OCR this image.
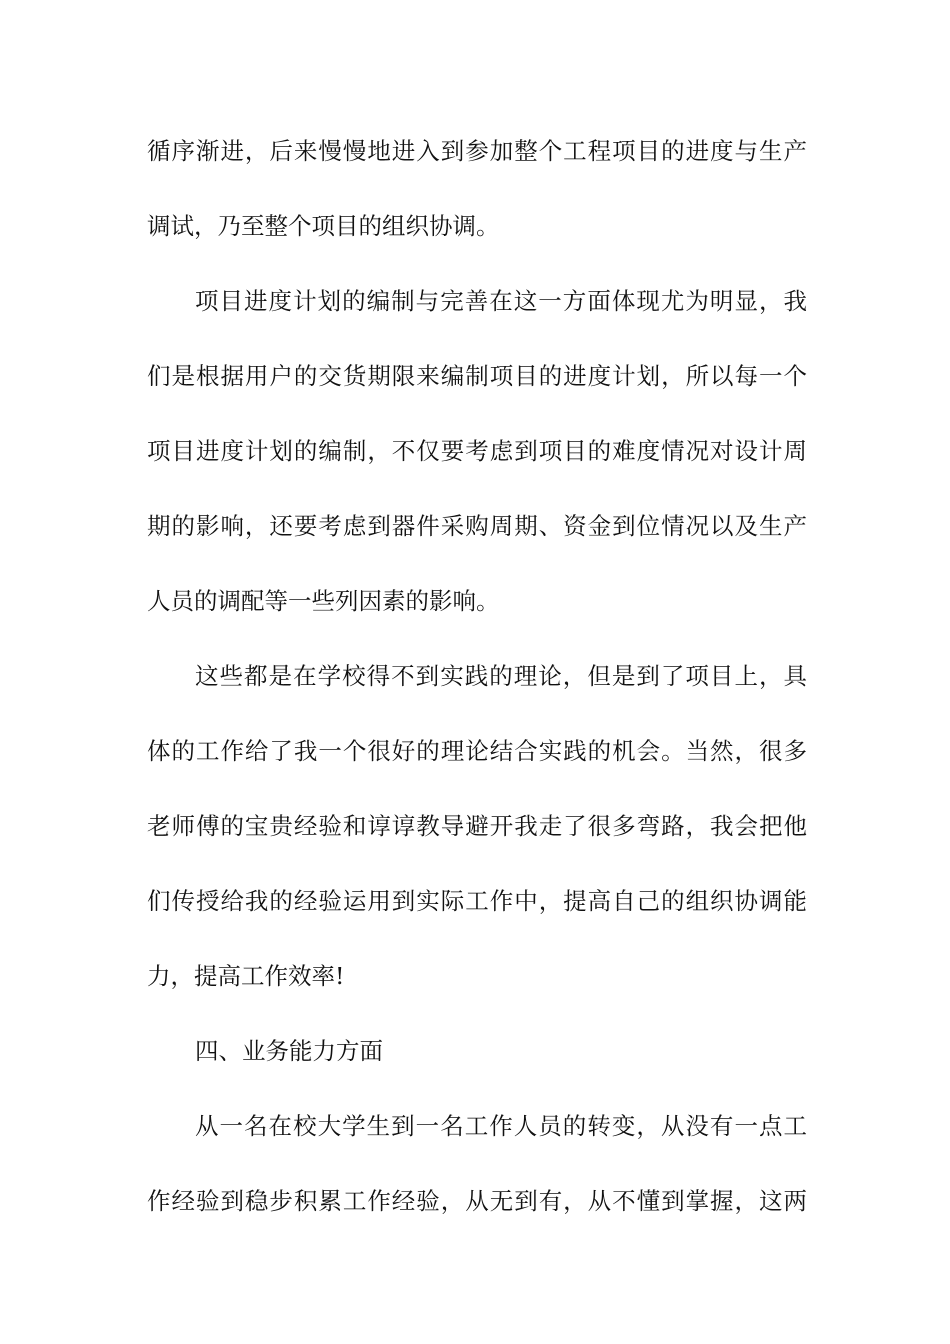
循序渐进，后来慢慢地进入到参加整个工程项目的进度与生产
调试，乃至整个项目的组织协调。
项目进度计划的编制与完善在这一方面体现尤为明显，我
们是根据用户的交货期限来编制项目的进度计划，所以每一个
项目进度计划的编制，不仅要考虑到项目的难度情况对设计周
期的影响，还要考虑到器件采购周期、资金到位情况以及生产
人员的调配等一些列因素的影响。
这些都是在学校得不到实践的理论，但是到了项目上，具
体的工作给了我一个很好的理论结合实践的机会。当然，很多
老师傅的宝贵经验和谆谆教导避开我走了很多弯路，我会把他
们传授给我的经验运用到实际工作中，提高自己的组织协调能
力，提高工作效率!
四、业务能力方面
从一名在校大学生到一名工作人员的转变，从没有一点工
作经验到稳步积累工作经验，从无到有，从不懂到掌握，这两
